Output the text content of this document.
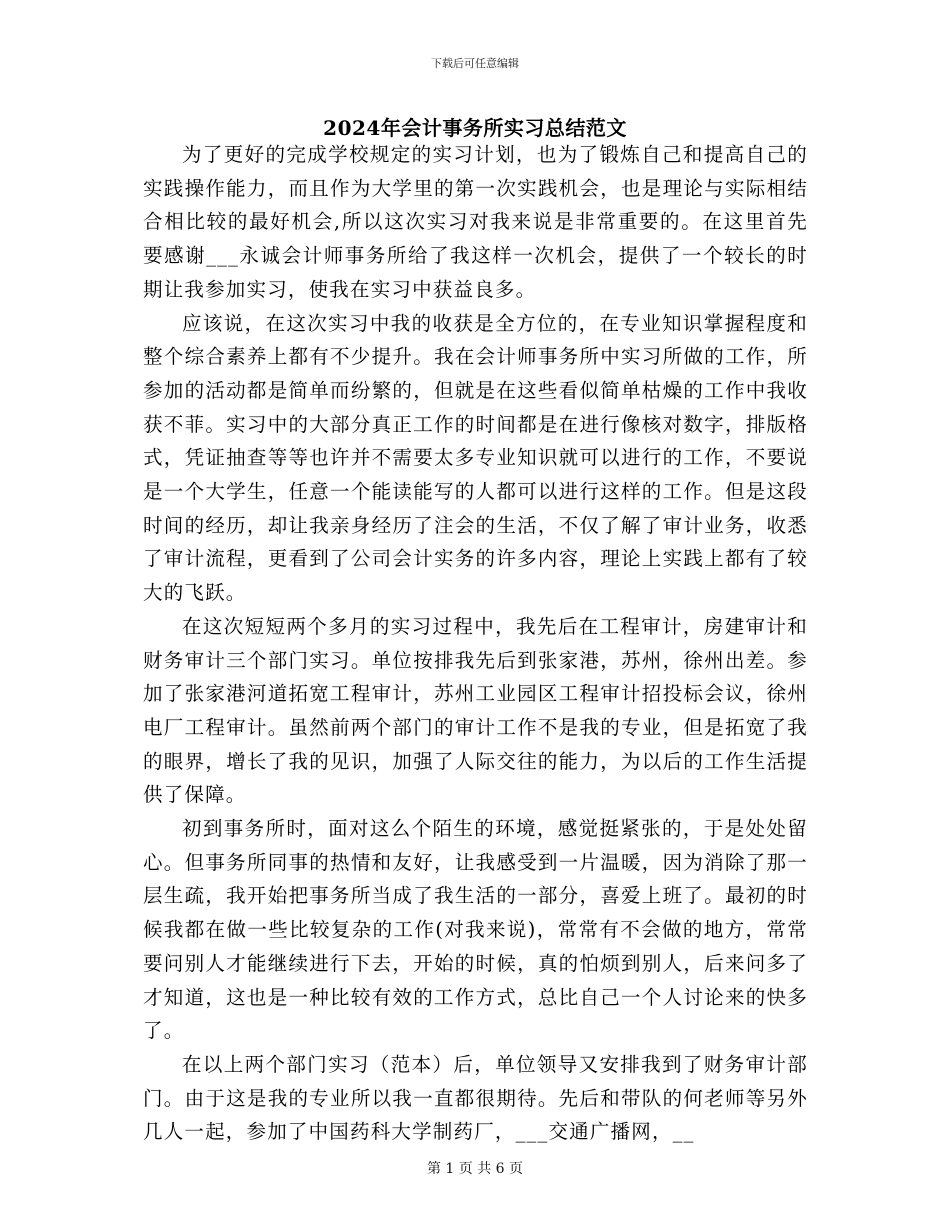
下载后可任意编辑
2024年会计事务所实习总结范文

为了更好的完成学校规定的实习计划，也为了锻炼自己和提高自己的实践操作能力，而且作为大学里的第一次实践机会，也是理论与实际相结合相比较的最好机会,所以这次实习对我来说是非常重要的。在这里首先要感谢___永诚会计师事务所给了我这样一次机会，提供了一个较长的时期让我参加实习，使我在实习中获益良多。

应该说，在这次实习中我的收获是全方位的，在专业知识掌握程度和整个综合素养上都有不少提升。我在会计师事务所中实习所做的工作，所参加的活动都是简单而纷繁的，但就是在这些看似简单枯燥的工作中我收获不菲。实习中的大部分真正工作的时间都是在进行像核对数字，排版格式，凭证抽查等等也许并不需要太多专业知识就可以进行的工作，不要说是一个大学生，任意一个能读能写的人都可以进行这样的工作。但是这段时间的经历，却让我亲身经历了注会的生活，不仅了解了审计业务，收悉了审计流程，更看到了公司会计实务的许多内容，理论上实践上都有了较大的飞跃。

在这次短短两个多月的实习过程中，我先后在工程审计，房建审计和财务审计三个部门实习。单位按排我先后到张家港，苏州，徐州出差。参加了张家港河道拓宽工程审计，苏州工业园区工程审计招投标会议，徐州电厂工程审计。虽然前两个部门的审计工作不是我的专业，但是拓宽了我的眼界，增长了我的见识，加强了人际交往的能力，为以后的工作生活提供了保障。

初到事务所时，面对这么个陌生的环境，感觉挺紧张的，于是处处留心。但事务所同事的热情和友好，让我感受到一片温暖，因为消除了那一层生疏，我开始把事务所当成了我生活的一部分，喜爱上班了。最初的时候我都在做一些比较复杂的工作(对我来说)，常常有不会做的地方，常常要问别人才能继续进行下去，开始的时候，真的怕烦到别人，后来问多了才知道，这也是一种比较有效的工作方式，总比自己一个人讨论来的快多了。

在以上两个部门实习（范本）后，单位领导又安排我到了财务审计部门。由于这是我的专业所以我一直都很期待。先后和带队的何老师等另外几人一起，参加了中国药科大学制药厂，___交通广播网，__

第 1 页 共 6 页
